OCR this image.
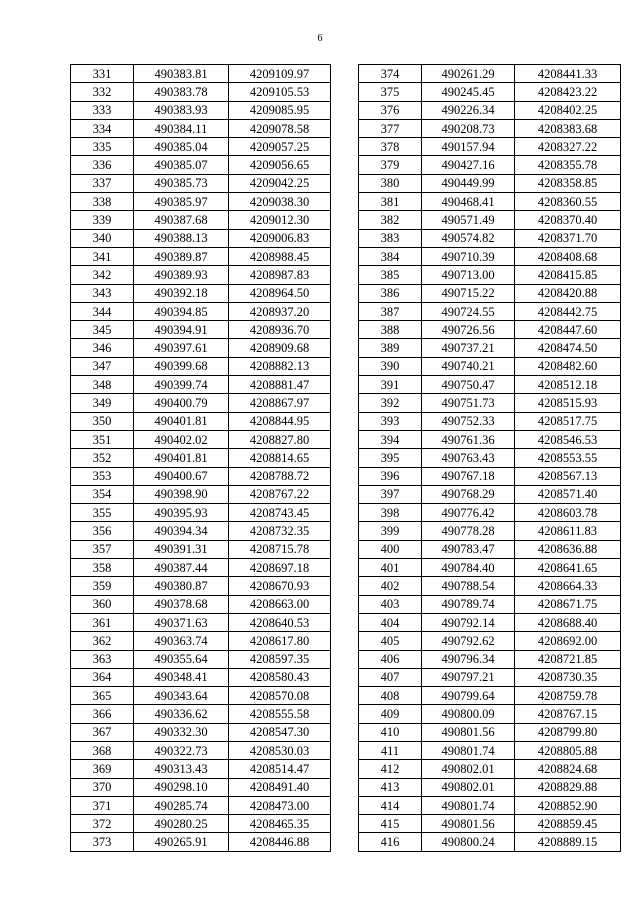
6
331	490383.81	4209109.97
332	490383.78	4209105.53
333	490383.93	4209085.95
334	490384.11	4209078.58
335	490385.04	4209057.25
336	490385.07	4209056.65
337	490385.73	4209042.25
338	490385.97	4209038.30
339	490387.68	4209012.30
340	490388.13	4209006.83
341	490389.87	4208988.45
342	490389.93	4208987.83
343	490392.18	4208964.50
344	490394.85	4208937.20
345	490394.91	4208936.70
346	490397.61	4208909.68
347	490399.68	4208882.13
348	490399.74	4208881.47
349	490400.79	4208867.97
350	490401.81	4208844.95
351	490402.02	4208827.80
352	490401.81	4208814.65
353	490400.67	4208788.72
354	490398.90	4208767.22
355	490395.93	4208743.45
356	490394.34	4208732.35
357	490391.31	4208715.78
358	490387.44	4208697.18
359	490380.87	4208670.93
360	490378.68	4208663.00
361	490371.63	4208640.53
362	490363.74	4208617.80
363	490355.64	4208597.35
364	490348.41	4208580.43
365	490343.64	4208570.08
366	490336.62	4208555.58
367	490332.30	4208547.30
368	490322.73	4208530.03
369	490313.43	4208514.47
370	490298.10	4208491.40
371	490285.74	4208473.00
372	490280.25	4208465.35
373	490265.91	4208446.88
374	490261.29	4208441.33
375	490245.45	4208423.22
376	490226.34	4208402.25
377	490208.73	4208383.68
378	490157.94	4208327.22
379	490427.16	4208355.78
380	490449.99	4208358.85
381	490468.41	4208360.55
382	490571.49	4208370.40
383	490574.82	4208371.70
384	490710.39	4208408.68
385	490713.00	4208415.85
386	490715.22	4208420.88
387	490724.55	4208442.75
388	490726.56	4208447.60
389	490737.21	4208474.50
390	490740.21	4208482.60
391	490750.47	4208512.18
392	490751.73	4208515.93
393	490752.33	4208517.75
394	490761.36	4208546.53
395	490763.43	4208553.55
396	490767.18	4208567.13
397	490768.29	4208571.40
398	490776.42	4208603.78
399	490778.28	4208611.83
400	490783.47	4208636.88
401	490784.40	4208641.65
402	490788.54	4208664.33
403	490789.74	4208671.75
404	490792.14	4208688.40
405	490792.62	4208692.00
406	490796.34	4208721.85
407	490797.21	4208730.35
408	490799.64	4208759.78
409	490800.09	4208767.15
410	490801.56	4208799.80
411	490801.74	4208805.88
412	490802.01	4208824.68
413	490802.01	4208829.88
414	490801.74	4208852.90
415	490801.56	4208859.45
416	490800.24	4208889.15
